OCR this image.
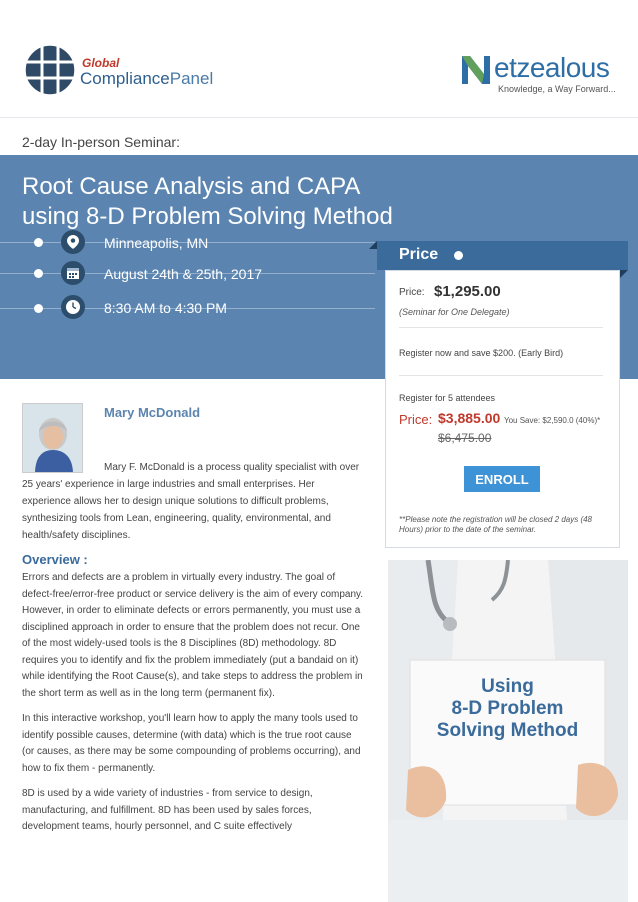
Global
CompliancePanel	etzealous
Knowledge, a Way Forward...
2-day In-person Seminar:
Root Cause Analysis and CAPA
using 8-D Problem Solving Method
Minneapolis, MN
August 24th & 25th, 2017
8:30 AM to 4:30 PM
Price
Price: $1,295.00
(Seminar for One Delegate)
Register now and save $200. (Early Bird)
Register for 5 attendees
Price: $3,885.00 You Save: $2,590.0 (40%)*
$6,475.00
ENROLL
**Please note the registration will be closed 2 days (48 Hours) prior to the date of the seminar.
Mary McDonald
Mary F. McDonald is a process quality specialist with over 25 years' experience in large industries and small enterprises. Her experience allows her to design unique solutions to difficult problems, synthesizing tools from Lean, engineering, quality, environmental, and health/safety disciplines.
Overview :

Errors and defects are a problem in virtually every industry. The goal of defect-free/error-free product or service delivery is the aim of every company. However, in order to eliminate defects or errors permanently, you must use a disciplined approach in order to ensure that the problem does not recur. One of the most widely-used tools is the 8 Disciplines (8D) methodology. 8D requires you to identify and fix the problem immediately (put a bandaid on it) while identifying the Root Cause(s), and take steps to address the problem in the short term as well as in the long term (permanent fix).

In this interactive workshop, you'll learn how to apply the many tools used to identify possible causes, determine (with data) which is the true root cause (or causes, as there may be some compounding of problems occurring), and how to fix them - permanently.

8D is used by a wide variety of industries - from service to design, manufacturing, and fulfillment. 8D has been used by sales forces, development teams, hourly personnel, and C suite effectively

Using
8-D Problem
Solving Method
